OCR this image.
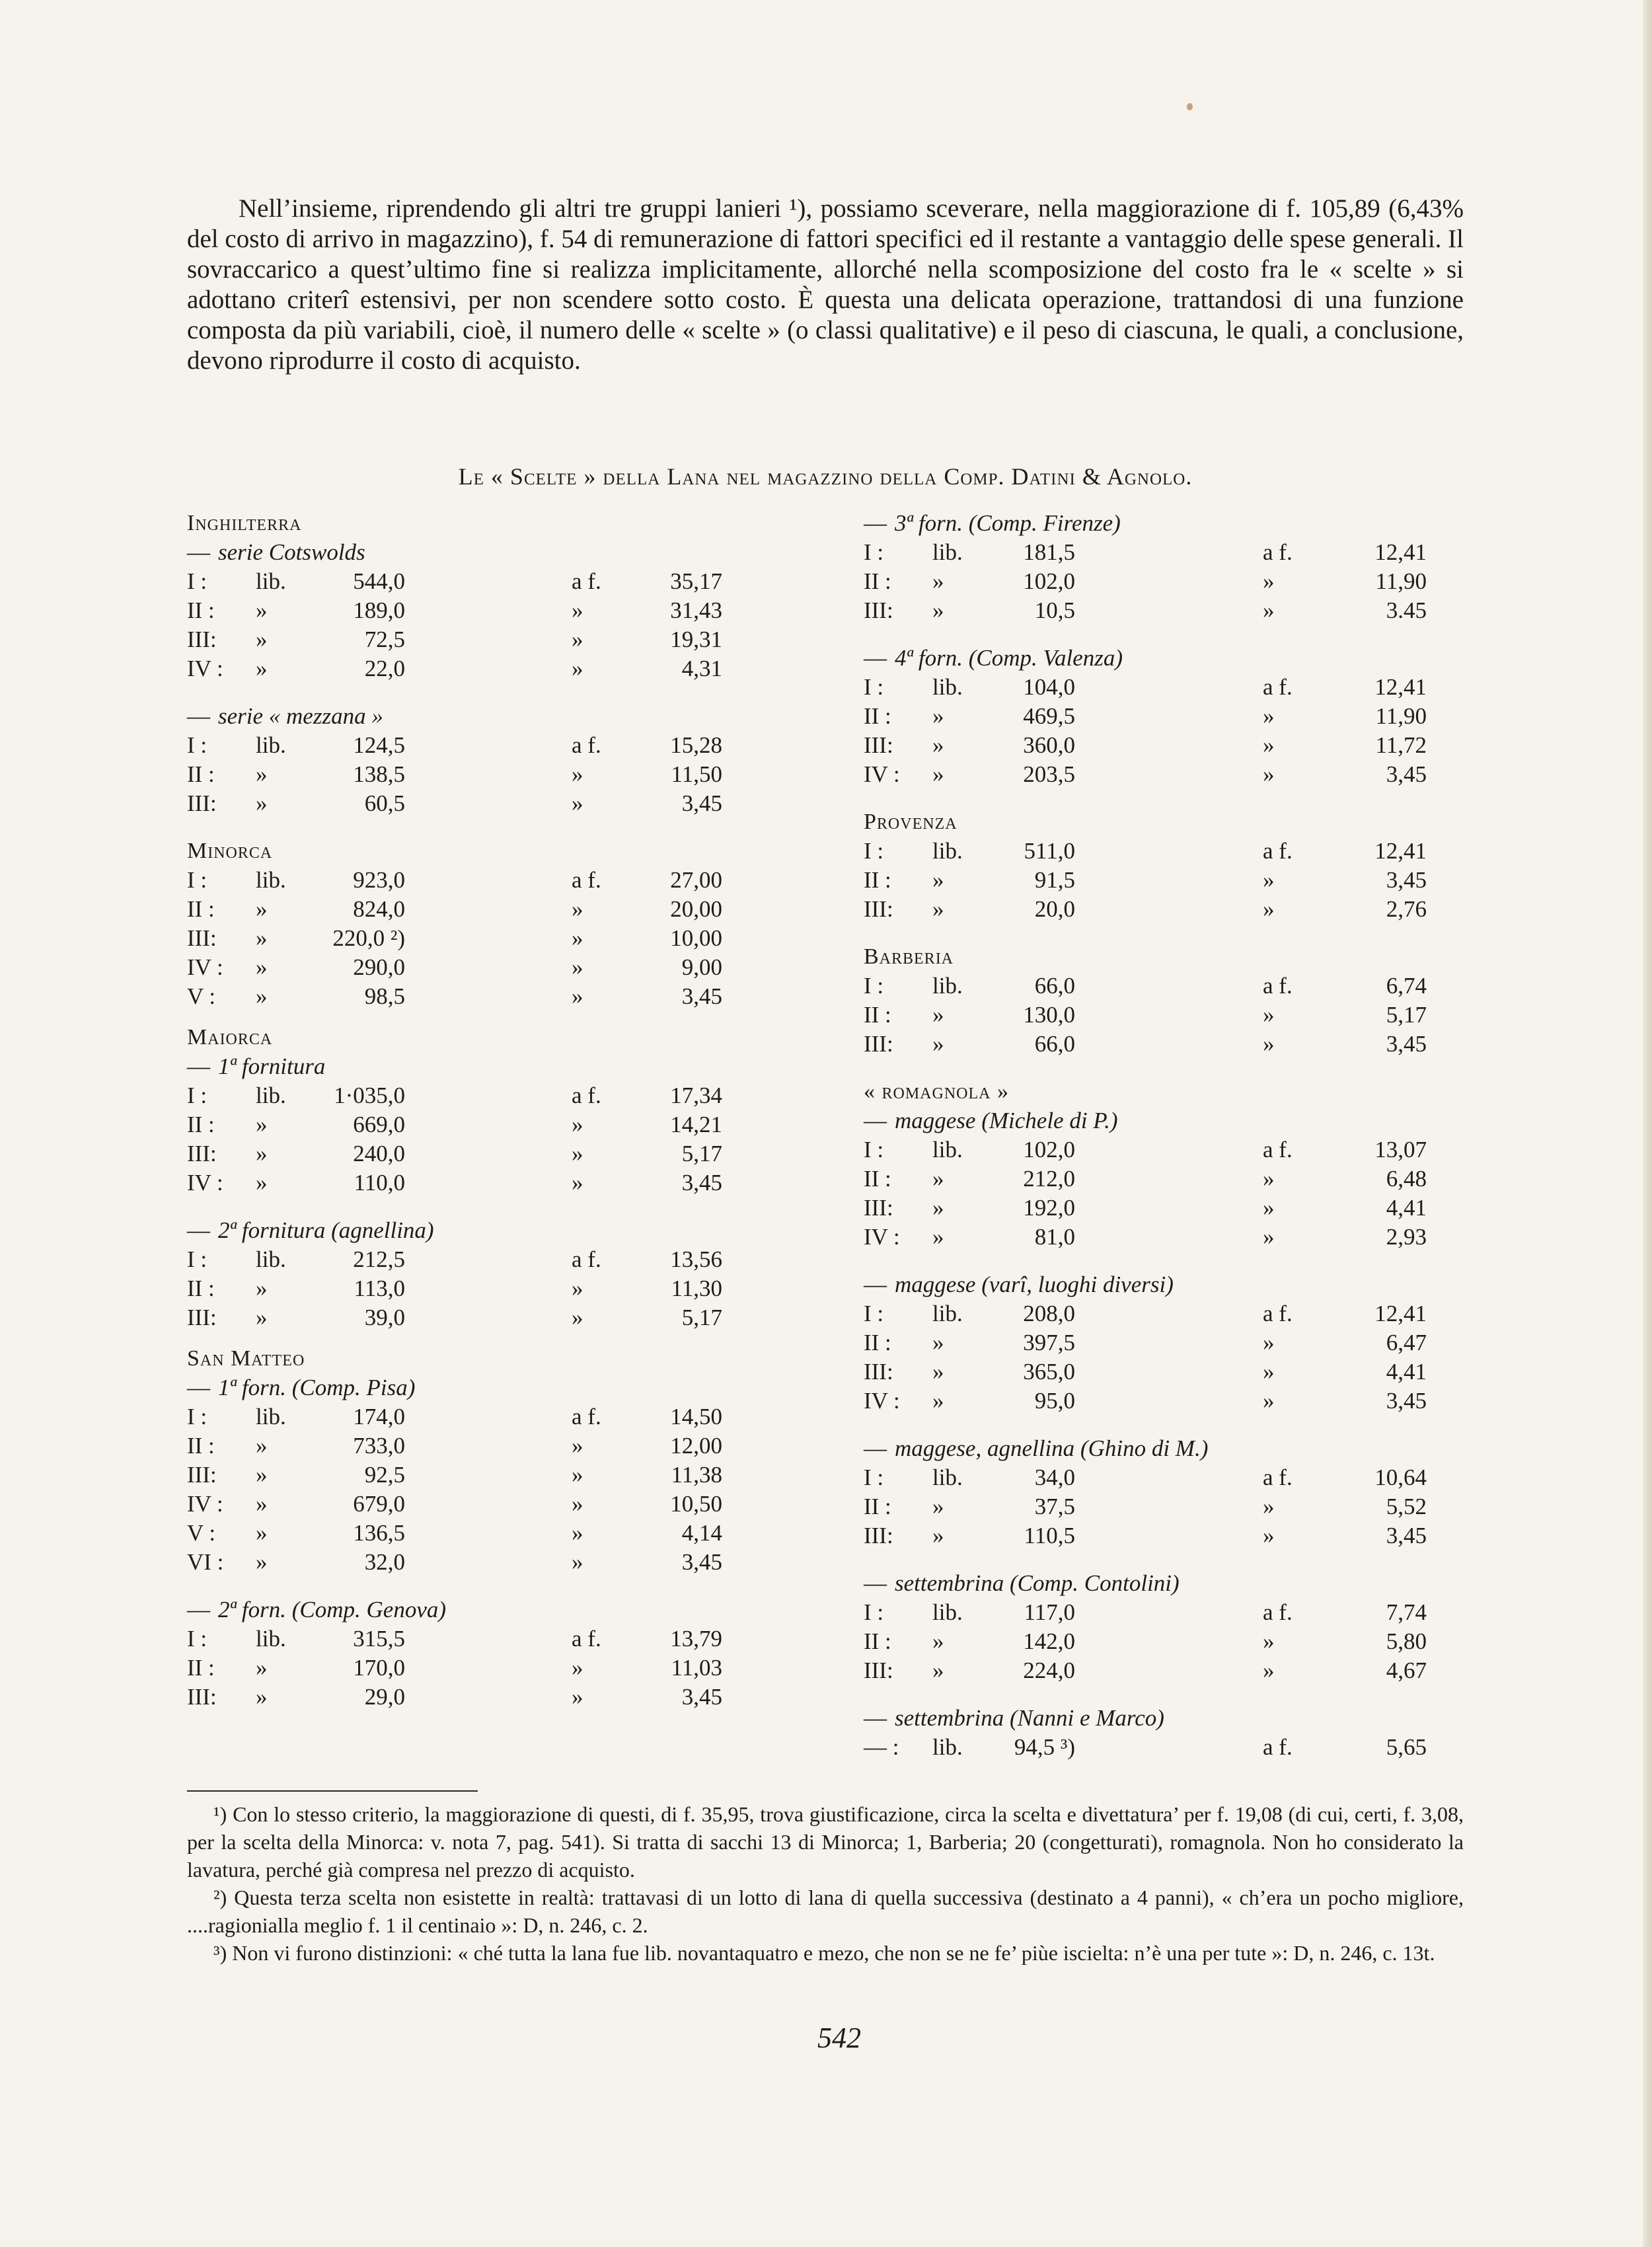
Nell’insieme, riprendendo gli altri tre gruppi lanieri ¹), possiamo sceverare, nella maggiorazione di f. 105,89 (6,43% del costo di arrivo in magazzino), f. 54 di remunerazione di fattori specifici ed il restante a vantaggio delle spese generali. Il sovraccarico a quest’ultimo fine si realizza implicitamente, allorché nella scomposizione del costo fra le « scelte » si adottano criterî estensivi, per non scendere sotto costo. È questa una delicata operazione, trattandosi di una funzione composta da più variabili, cioè, il numero delle « scelte » (o classi qualitative) e il peso di ciascuna, le quali, a conclusione, devono riprodurre il costo di acquisto.

Le « Scelte » della Lana nel magazzino della Comp. Datini & Agnolo.
Inghilterra
— serie Cotswolds
I : lib.	544,0	a f.	35,17
II : »	189,0	»	31,43
III: »	72,5	»	19,31
IV : »	22,0	»	4,31
— serie « mezzana »
I : lib.	124,5	a f.	15,28
II : »	138,5	»	11,50
III: »	60,5	»	3,45
Minorca
I : lib.	923,0	a f.	27,00
II : »	824,0	»	20,00
III: »	220,0 ²)	»	10,00
IV : »	290,0	»	9,00
V : »	98,5	»	3,45
Maiorca
— 1ª fornitura
I : lib.	1·035,0	a f.	17,34
II : »	669,0	»	14,21
III: »	240,0	»	5,17
IV : »	110,0	»	3,45
— 2ª fornitura (agnellina)
I : lib.	212,5	a f.	13,56
II : »	113,0	»	11,30
III: »	39,0	»	5,17
San Matteo
— 1ª forn. (Comp. Pisa)
I : lib.	174,0	a f.	14,50
II : »	733,0	»	12,00
III: »	92,5	»	11,38
IV : »	679,0	»	10,50
V : »	136,5	»	4,14
VI : »	32,0	»	3,45
— 2ª forn. (Comp. Genova)
I : lib.	315,5	a f.	13,79
II : »	170,0	»	11,03
III: »	29,0	»	3,45
— 3ª forn. (Comp. Firenze)
I : lib.	181,5	a f.	12,41
II : »	102,0	»	11,90
III: »	10,5	»	3.45
— 4ª forn. (Comp. Valenza)
I : lib.	104,0	a f.	12,41
II : »	469,5	»	11,90
III: »	360,0	»	11,72
IV : »	203,5	»	3,45
Provenza
I : lib.	511,0	a f.	12,41
II : »	91,5	»	3,45
III: »	20,0	»	2,76
Barberia
I : lib.	66,0	a f.	6,74
II : »	130,0	»	5,17
III: »	66,0	»	3,45
« romagnola »
— maggese (Michele di P.)
I : lib.	102,0	a f.	13,07
II : »	212,0	»	6,48
III: »	192,0	»	4,41
IV : »	81,0	»	2,93
— maggese (varî, luoghi diversi)
I : lib.	208,0	a f.	12,41
II : »	397,5	»	6,47
III: »	365,0	»	4,41
IV : »	95,0	»	3,45
— maggese, agnellina (Ghino di M.)
I : lib.	34,0	a f.	10,64
II : »	37,5	»	5,52
III: »	110,5	»	3,45
— settembrina (Comp. Contolini)
I : lib.	117,0	a f.	7,74
II : »	142,0	»	5,80
III: »	224,0	»	4,67
— settembrina (Nanni e Marco)
— : lib.	94,5 ³)	a f.	5,65

¹) Con lo stesso criterio, la maggiorazione di questi, di f. 35,95, trova giustificazione, circa la scelta e divettatura’ per f. 19,08 (di cui, certi, f. 3,08, per la scelta della Minorca: v. nota 7, pag. 541). Si tratta di sacchi 13 di Minorca; 1, Barberia; 20 (congetturati), romagnola. Non ho considerato la lavatura, perché già compresa nel prezzo di acquisto.

²) Questa terza scelta non esistette in realtà: trattavasi di un lotto di lana di quella successiva (destinato a 4 panni), « ch’era un pocho migliore, ....ragionialla meglio f. 1 il centinaio »: D, n. 246, c. 2.

³) Non vi furono distinzioni: « ché tutta la lana fue lib. novantaquatro e mezo, che non se ne fe’ piùe iscielta: n’è una per tute »: D, n. 246, c. 13t.

542
